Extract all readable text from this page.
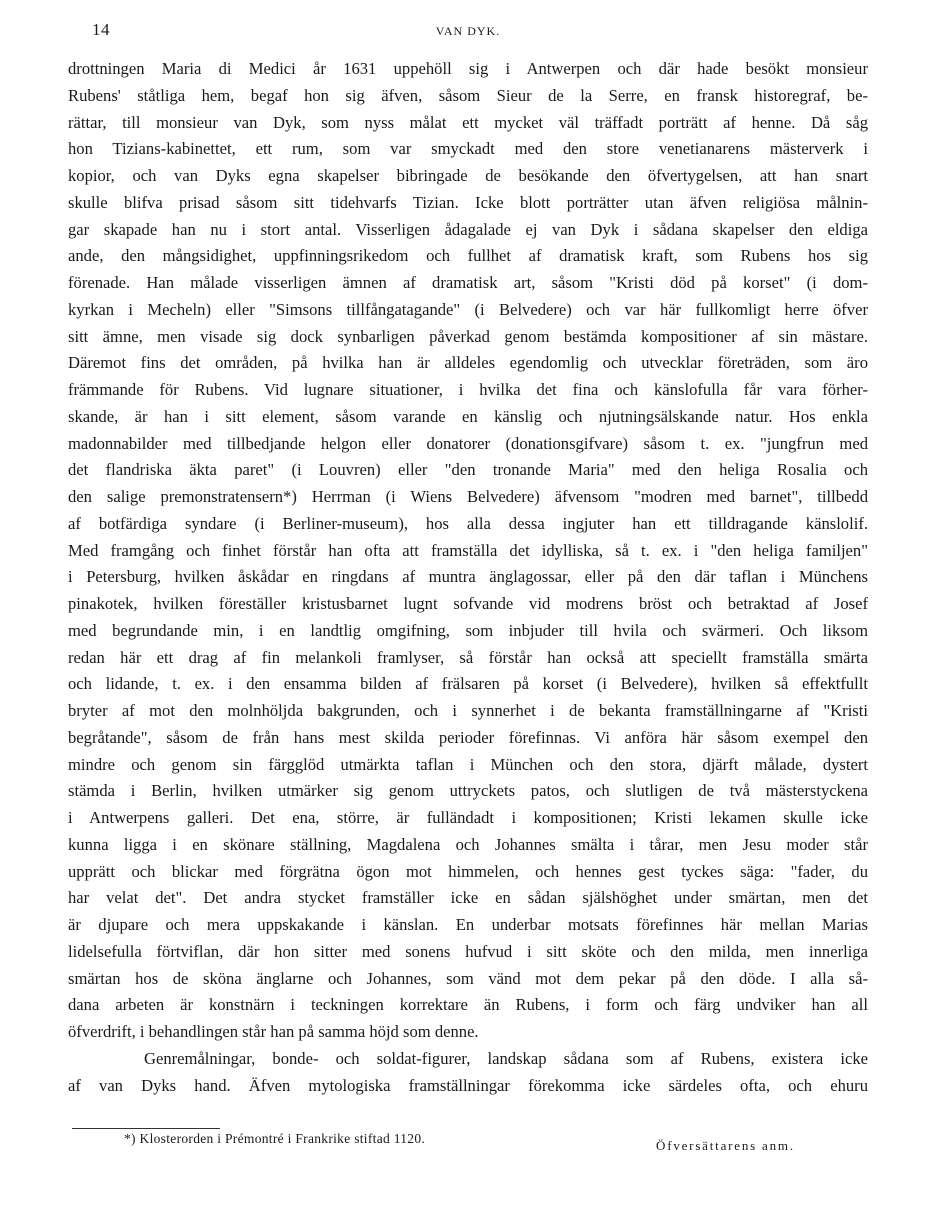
14	VAN DYK.
drottningen Maria di Medici år 1631 uppehöll sig i Antwerpen och där hade besökt monsieur
Rubens' ståtliga hem, begaf hon sig äfven, såsom Sieur de la Serre, en fransk historegraf, be-
rättar, till monsieur van Dyk, som nyss målat ett mycket väl träffadt porträtt af henne. Då såg
hon Tizians-kabinettet, ett rum, som var smyckadt med den store venetianarens mästerverk i
kopior, och van Dyks egna skapelser bibringade de besökande den öfvertygelsen, att han snart
skulle blifva prisad såsom sitt tidehvarfs Tizian. Icke blott porträtter utan äfven religiösa målnin-
gar skapade han nu i stort antal. Visserligen ådagalade ej van Dyk i sådana skapelser den eldiga
ande, den mångsidighet, uppfinningsrikedom och fullhet af dramatisk kraft, som Rubens hos sig
förenade. Han målade visserligen ämnen af dramatisk art, såsom "Kristi död på korset" (i dom-
kyrkan i Mecheln) eller "Simsons tillfångatagande" (i Belvedere) och var här fullkomligt herre öfver
sitt ämne, men visade sig dock synbarligen påverkad genom bestämda kompositioner af sin mästare.
Däremot fins det områden, på hvilka han är alldeles egendomlig och utvecklar företräden, som äro
främmande för Rubens. Vid lugnare situationer, i hvilka det fina och känslofulla får vara förher-
skande, är han i sitt element, såsom varande en känslig och njutningsälskande natur. Hos enkla
madonnabilder med tillbedjande helgon eller donatorer (donationsgifvare) såsom t. ex. "jungfrun med
det flandriska äkta paret" (i Louvren) eller "den tronande Maria" med den heliga Rosalia och
den salige premonstratensern*) Herrman (i Wiens Belvedere) äfvensom "modren med barnet", tillbedd
af botfärdiga syndare (i Berliner-museum), hos alla dessa ingjuter han ett tilldragande känslolif.
Med framgång och finhet förstår han ofta att framställa det idylliska, så t. ex. i "den heliga familjen"
i Petersburg, hvilken åskådar en ringdans af muntra änglagossar, eller på den där taflan i Münchens
pinakotek, hvilken föreställer kristusbarnet lugnt sofvande vid modrens bröst och betraktad af Josef
med begrundande min, i en landtlig omgifning, som inbjuder till hvila och svärmeri. Och liksom
redan här ett drag af fin melankoli framlyser, så förstår han också att speciellt framställa smärta
och lidande, t. ex. i den ensamma bilden af frälsaren på korset (i Belvedere), hvilken så effektfullt
bryter af mot den molnhöljda bakgrunden, och i synnerhet i de bekanta framställningarne af "Kristi
begråtande", såsom de från hans mest skilda perioder förefinnas. Vi anföra här såsom exempel den
mindre och genom sin färgglöd utmärkta taflan i München och den stora, djärft målade, dystert
stämda i Berlin, hvilken utmärker sig genom uttryckets patos, och slutligen de två mästerstyckena
i Antwerpens galleri. Det ena, större, är fulländadt i kompositionen; Kristi lekamen skulle icke
kunna ligga i en skönare ställning, Magdalena och Johannes smälta i tårar, men Jesu moder står
upprätt och blickar med förgrätna ögon mot himmelen, och hennes gest tyckes säga: "fader, du
har velat det". Det andra stycket framställer icke en sådan själshöghet under smärtan, men det
är djupare och mera uppskakande i känslan. En underbar motsats förefinnes här mellan Marias
lidelsefulla förtviflan, där hon sitter med sonens hufvud i sitt sköte och den milda, men innerliga
smärtan hos de sköna änglarne och Johannes, som vänd mot dem pekar på den döde. I alla så-
dana arbeten är konstnärn i teckningen korrektare än Rubens, i form och färg undviker han all
öfverdrift, i behandlingen står han på samma höjd som denne.
Genremålningar, bonde- och soldat-figurer, landskap sådana som af Rubens, existera icke
af van Dyks hand. Äfven mytologiska framställningar förekomma icke särdeles ofta, och ehuru
*) Klosterorden i Prémontré i Frankrike stiftad 1120.	Öfversättarens anm.
